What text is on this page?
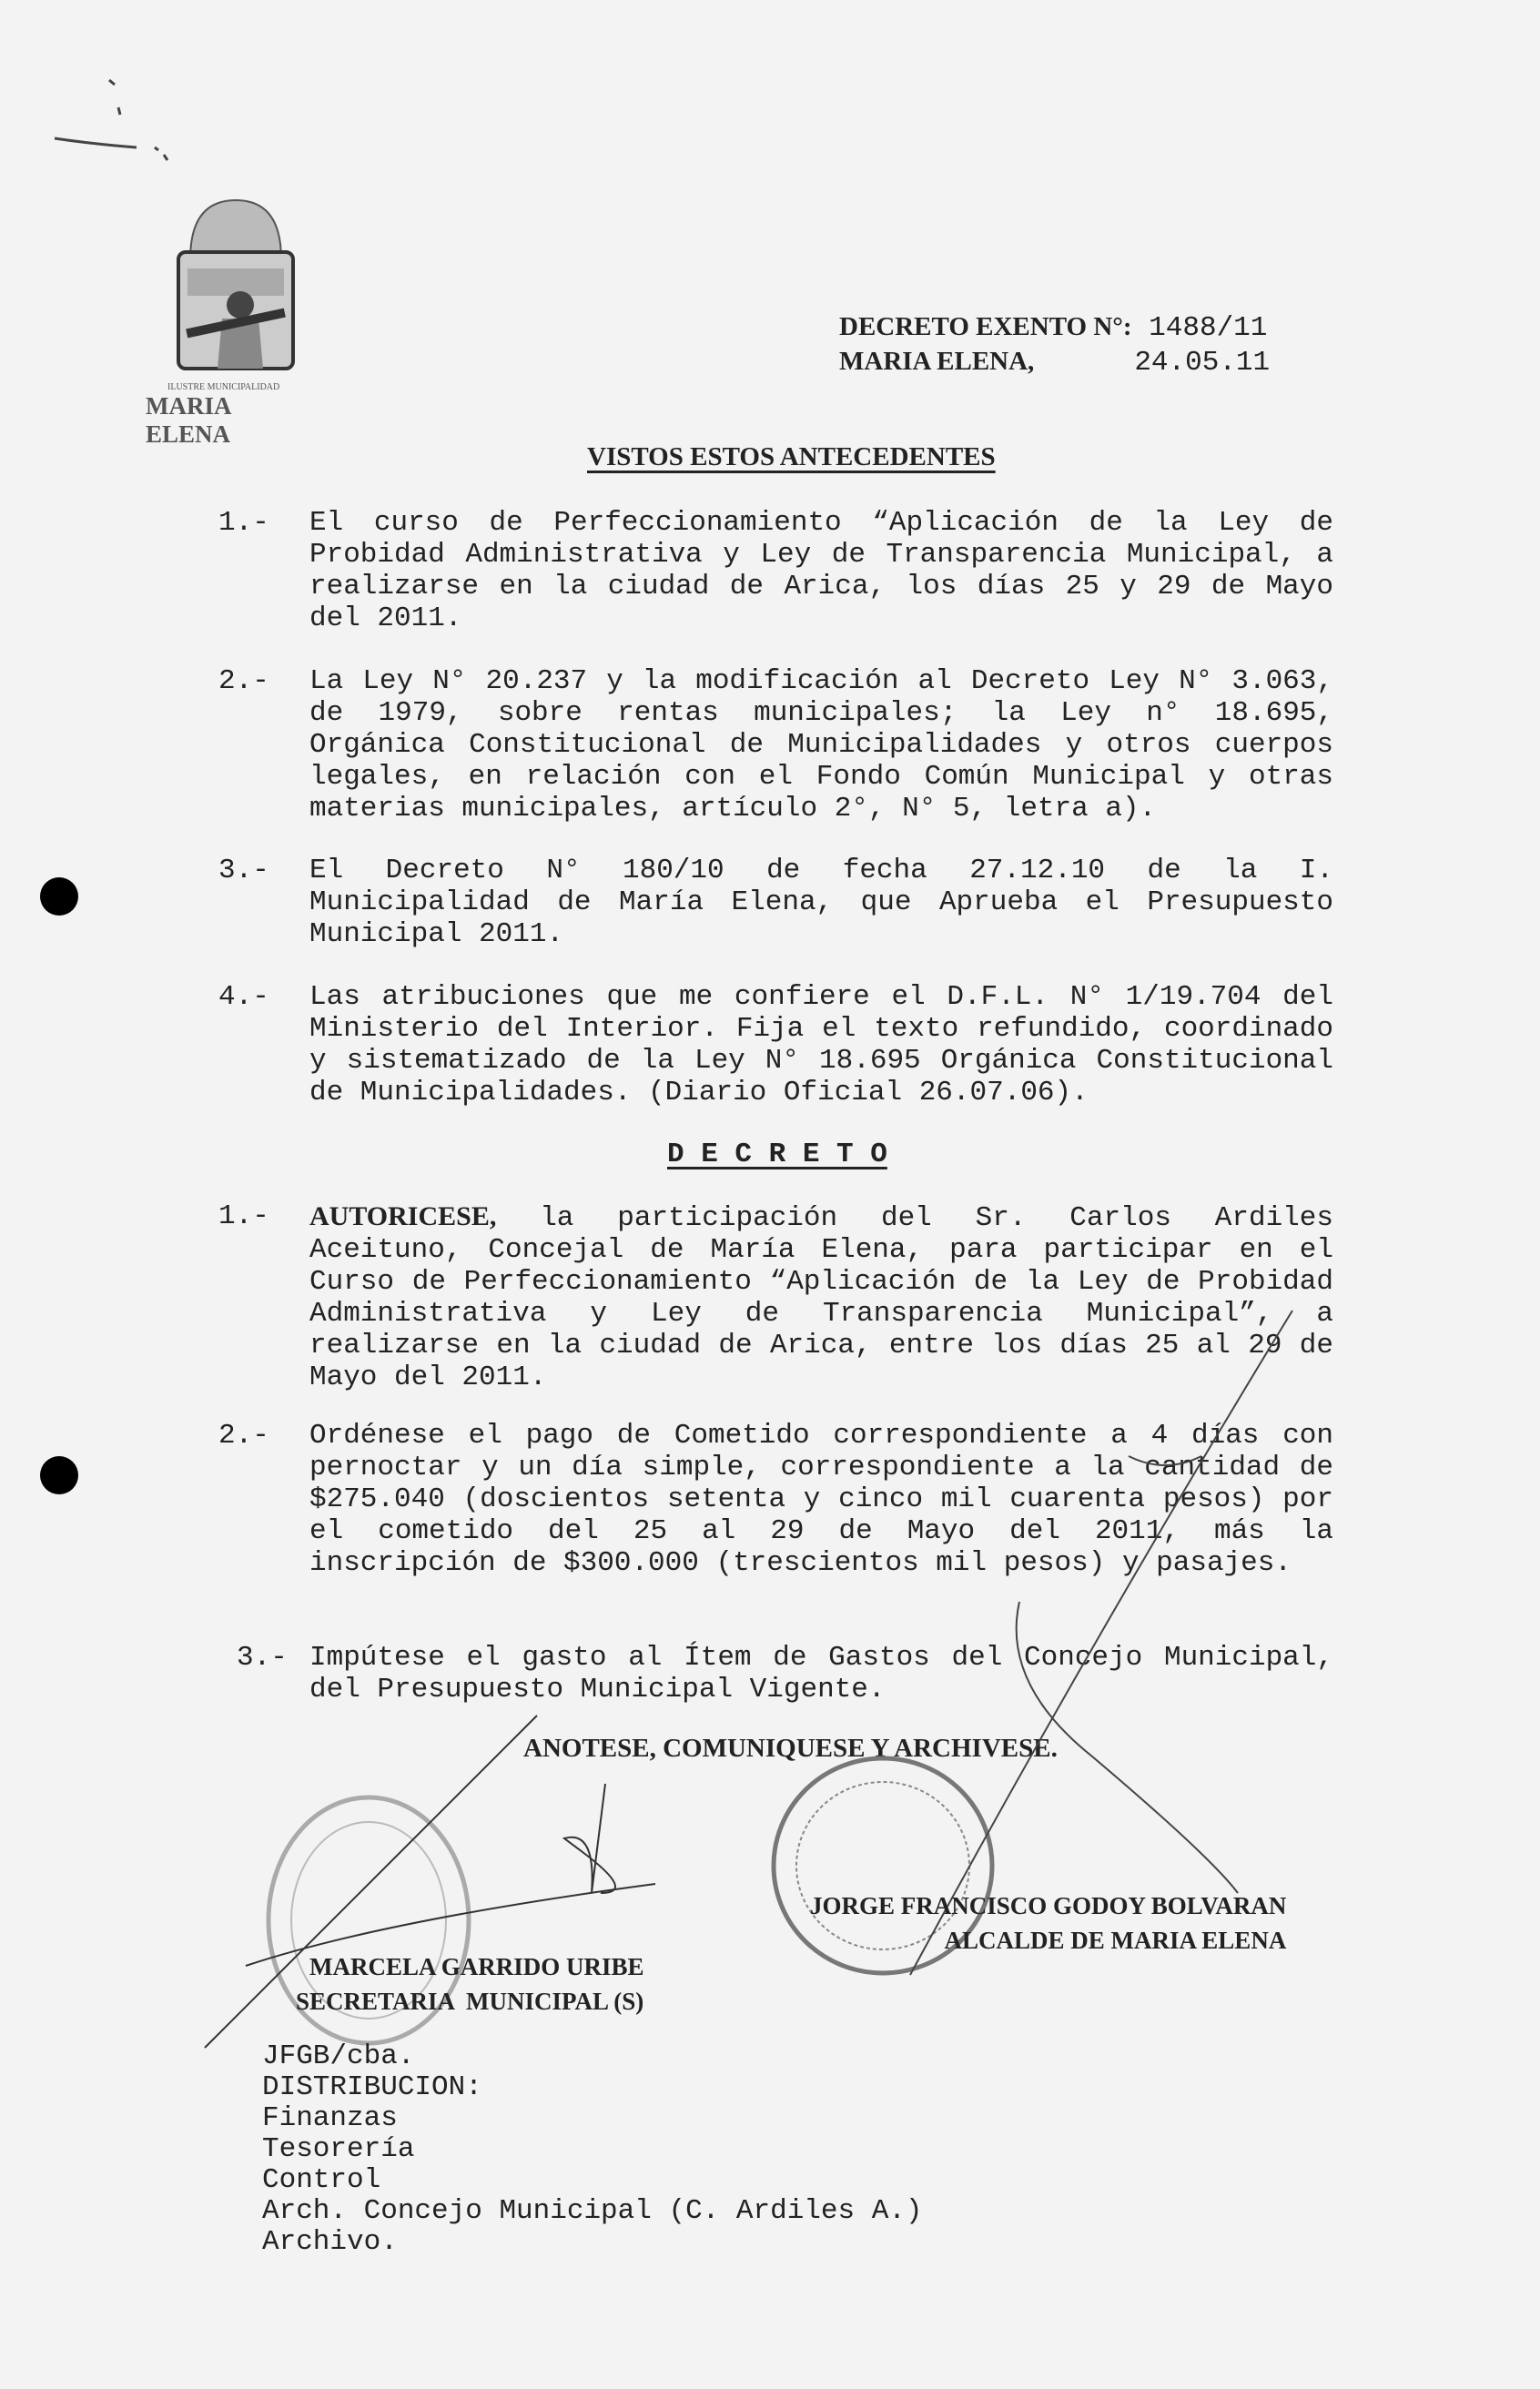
ILUSTRE MUNICIPALIDAD
MARIA ELENA
DECRETO EXENTO N°: 1488/11
MARIA ELENA,	24.05.11
VISTOS ESTOS ANTECEDENTES
1.- El curso de Perfeccionamiento “Aplicación de la Ley de Probidad Administrativa y Ley de Transparencia Municipal, a realizarse en la ciudad de Arica, los días 25 y 29 de Mayo del 2011.
2.- La Ley N° 20.237 y la modificación al Decreto Ley N° 3.063, de 1979, sobre rentas municipales; la Ley n° 18.695, Orgánica Constitucional de Municipalidades y otros cuerpos legales, en relación con el Fondo Común Municipal y otras materias municipales, artículo 2°, N° 5, letra a).
3.- El Decreto N° 180/10 de fecha 27.12.10 de la I. Municipalidad de María Elena, que Aprueba el Presupuesto Municipal 2011.
4.- Las atribuciones que me confiere el D.F.L. N° 1/19.704 del Ministerio del Interior. Fija el texto refundido, coordinado y sistematizado de la Ley N° 18.695 Orgánica Constitucional de Municipalidades. (Diario Oficial 26.07.06).
D E C R E T O
1.- AUTORICESE, la participación del Sr. Carlos Ardiles Aceituno, Concejal de María Elena, para participar en el Curso de Perfeccionamiento “Aplicación de la Ley de Probidad Administrativa y Ley de Transparencia Municipal”, a realizarse en la ciudad de Arica, entre los días 25 al 29 de Mayo del 2011.
2.- Ordénese el pago de Cometido correspondiente a 4 días con pernoctar y un día simple, correspondiente a la cantidad de $275.040 (doscientos setenta y cinco mil cuarenta pesos) por el cometido del 25 al 29 de Mayo del 2011, más la inscripción de $300.000 (trescientos mil pesos) y pasajes.
3.- Impútese el gasto al Ítem de Gastos del Concejo Municipal, del Presupuesto Municipal Vigente.
ANOTESE, COMUNIQUESE Y ARCHIVESE.
JORGE FRANCISCO GODOY BOLVARAN
ALCALDE DE MARIA ELENA
MARCELA GARRIDO URIBE
SECRETARIA  MUNICIPAL (S)
JFGB/cba.
DISTRIBUCION:
Finanzas
Tesorería
Control
Arch. Concejo Municipal (C. Ardiles A.)
Archivo.
